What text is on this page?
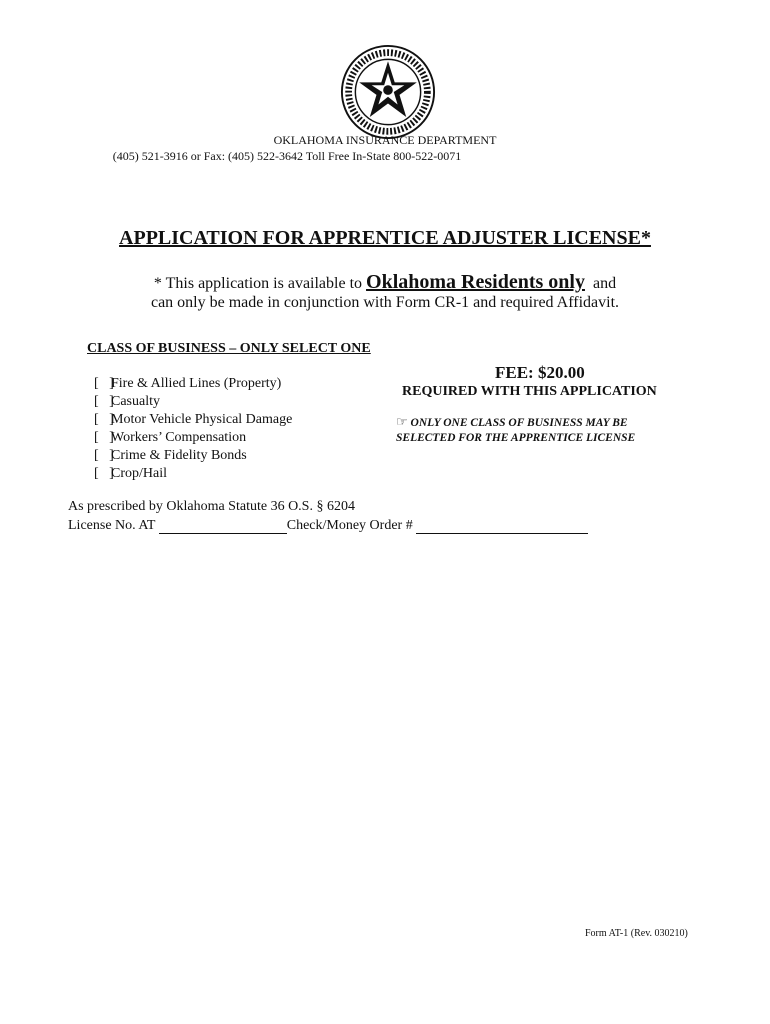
OKLAHOMA INSURANCE DEPARTMENT
(405) 521-3916 or Fax: (405) 522-3642 Toll Free In-State 800-522-0071
APPLICATION FOR APPRENTICE ADJUSTER LICENSE*
* This application is available to Oklahoma Residents only and
can only be made in conjunction with Form CR-1 and required Affidavit.
CLASS OF BUSINESS – ONLY SELECT ONE

[   ]Fire & Allied Lines (Property)

[   ]Casualty

[   ]Motor Vehicle Physical Damage

[   ]Workers’ Compensation

[   ]Crime & Fidelity Bonds

[   ]Crop/Hail

FEE: $20.00
REQUIRED WITH THIS APPLICATION
☞ ONLY ONE CLASS OF BUSINESS MAY BE
SELECTED FOR THE APPRENTICE LICENSE
As prescribed by Oklahoma Statute 36 O.S. § 6204
License No. AT	Check/Money Order #
Form AT-1 (Rev. 030210)
